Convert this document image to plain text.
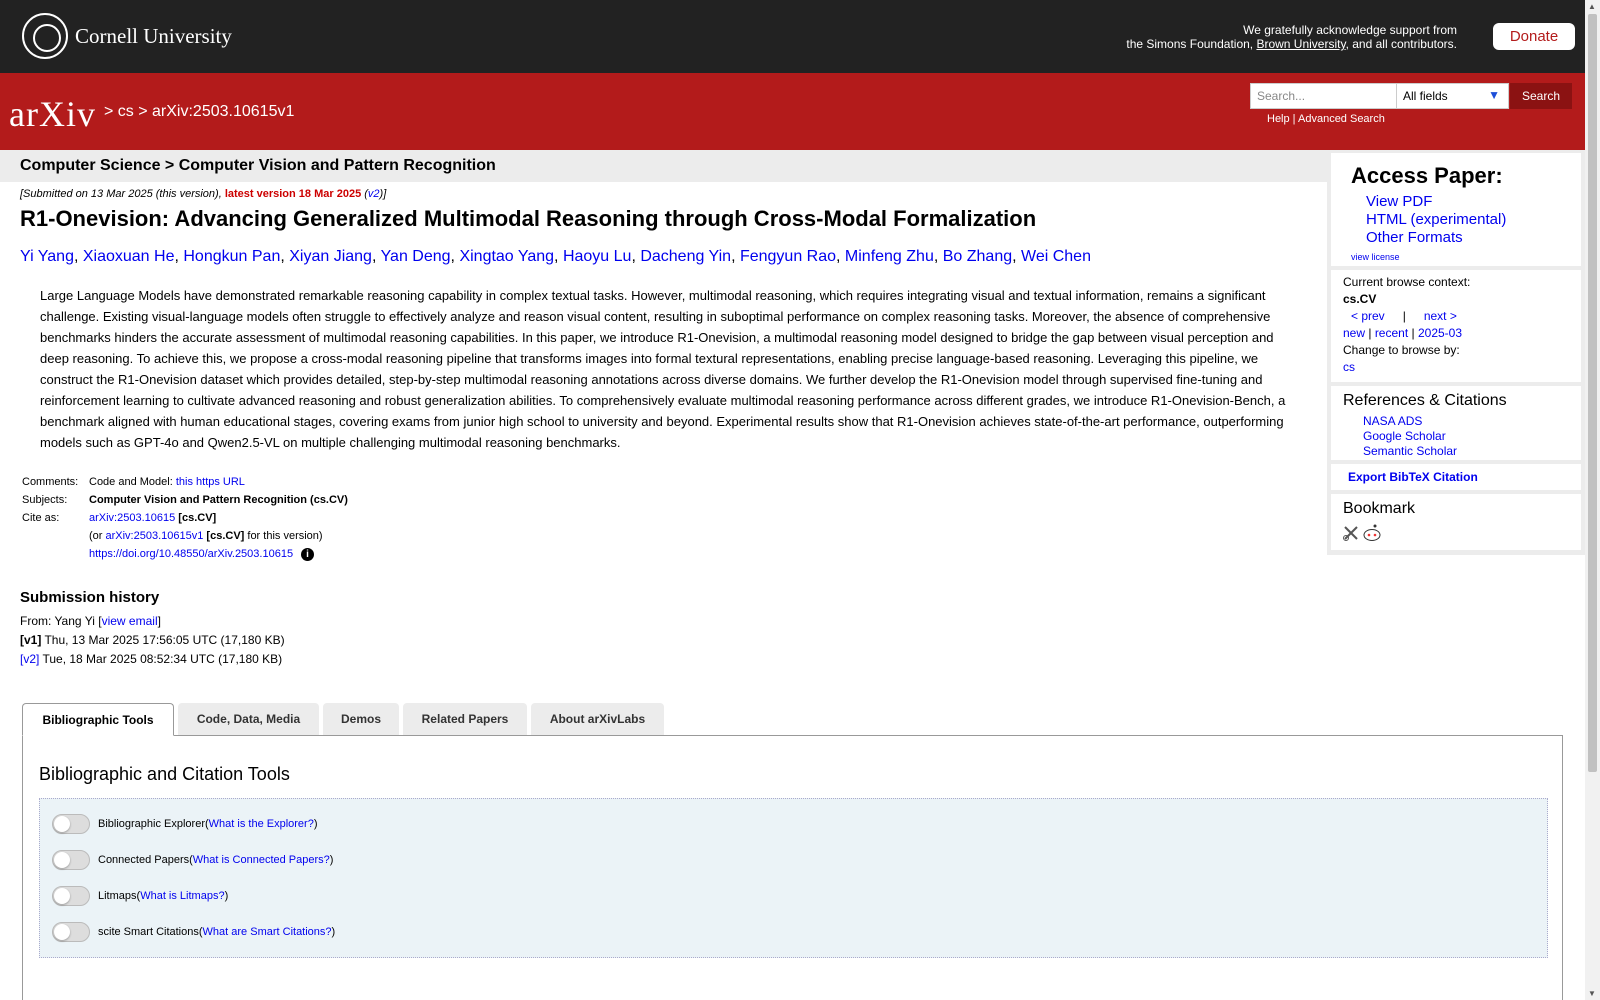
Cornell University	We gratefully acknowledge support from
the Simons Foundation, Brown University, and all contributors.	Donate
arXiv > cs > arXiv:2503.10615v1
Search...	All fields	▼	Search
Help | Advanced Search
Computer Science > Computer Vision and Pattern Recognition
[Submitted on 13 Mar 2025 (this version), latest version 18 Mar 2025 (v2)]
R1-Onevision: Advancing Generalized Multimodal Reasoning through Cross-Modal Formalization
Yi Yang, Xiaoxuan He, Hongkun Pan, Xiyan Jiang, Yan Deng, Xingtao Yang, Haoyu Lu, Dacheng Yin, Fengyun Rao, Minfeng Zhu, Bo Zhang, Wei Chen

Large Language Models have demonstrated remarkable reasoning capability in complex textual tasks. However, multimodal reasoning, which requires integrating visual and textual information, remains a significant challenge. Existing visual-language models often struggle to effectively analyze and reason visual content, resulting in suboptimal performance on complex reasoning tasks. Moreover, the absence of comprehensive benchmarks hinders the accurate assessment of multimodal reasoning capabilities. In this paper, we introduce R1-Onevision, a multimodal reasoning model designed to bridge the gap between visual perception and deep reasoning. To achieve this, we propose a cross-modal reasoning pipeline that transforms images into formal textural representations, enabling precise language-based reasoning. Leveraging this pipeline, we construct the R1-Onevision dataset which provides detailed, step-by-step multimodal reasoning annotations across diverse domains. We further develop the R1-Onevision model through supervised fine-tuning and reinforcement learning to cultivate advanced reasoning and robust generalization abilities. To comprehensively evaluate multimodal reasoning performance across different grades, we introduce R1-Onevision-Bench, a benchmark aligned with human educational stages, covering exams from junior high school to university and beyond. Experimental results show that R1-Onevision achieves state-of-the-art performance, outperforming models such as GPT-4o and Qwen2.5-VL on multiple challenging multimodal reasoning benchmarks.

Comments:	Code and Model: this https URL
Subjects:	Computer Vision and Pattern Recognition (cs.CV)
Cite as:	arXiv:2503.10615 [cs.CV]
(or arXiv:2503.10615v1 [cs.CV] for this version)
https://doi.org/10.48550/arXiv.2503.10615 i
Submission history
From: Yang Yi [view email]
[v1] Thu, 13 Mar 2025 17:56:05 UTC (17,180 KB)
[v2] Tue, 18 Mar 2025 08:52:34 UTC (17,180 KB)
Access Paper:
View PDF
HTML (experimental)
Other Formats
view license
Current browse context:
cs.CV
< prev | next >
new | recent | 2025-03
Change to browse by:
cs
References & Citations
NASA ADS
Google Scholar
Semantic Scholar
Export BibTeX Citation
Bookmark
Bibliographic Tools	Code, Data, Media	Demos	Related Papers	About arXivLabs
Bibliographic and Citation Tools
Bibliographic Explorer ( What is the Explorer? )
Connected Papers ( What is Connected Papers? )
Litmaps ( What is Litmaps? )
scite Smart Citations ( What are Smart Citations? )
▲
▼
